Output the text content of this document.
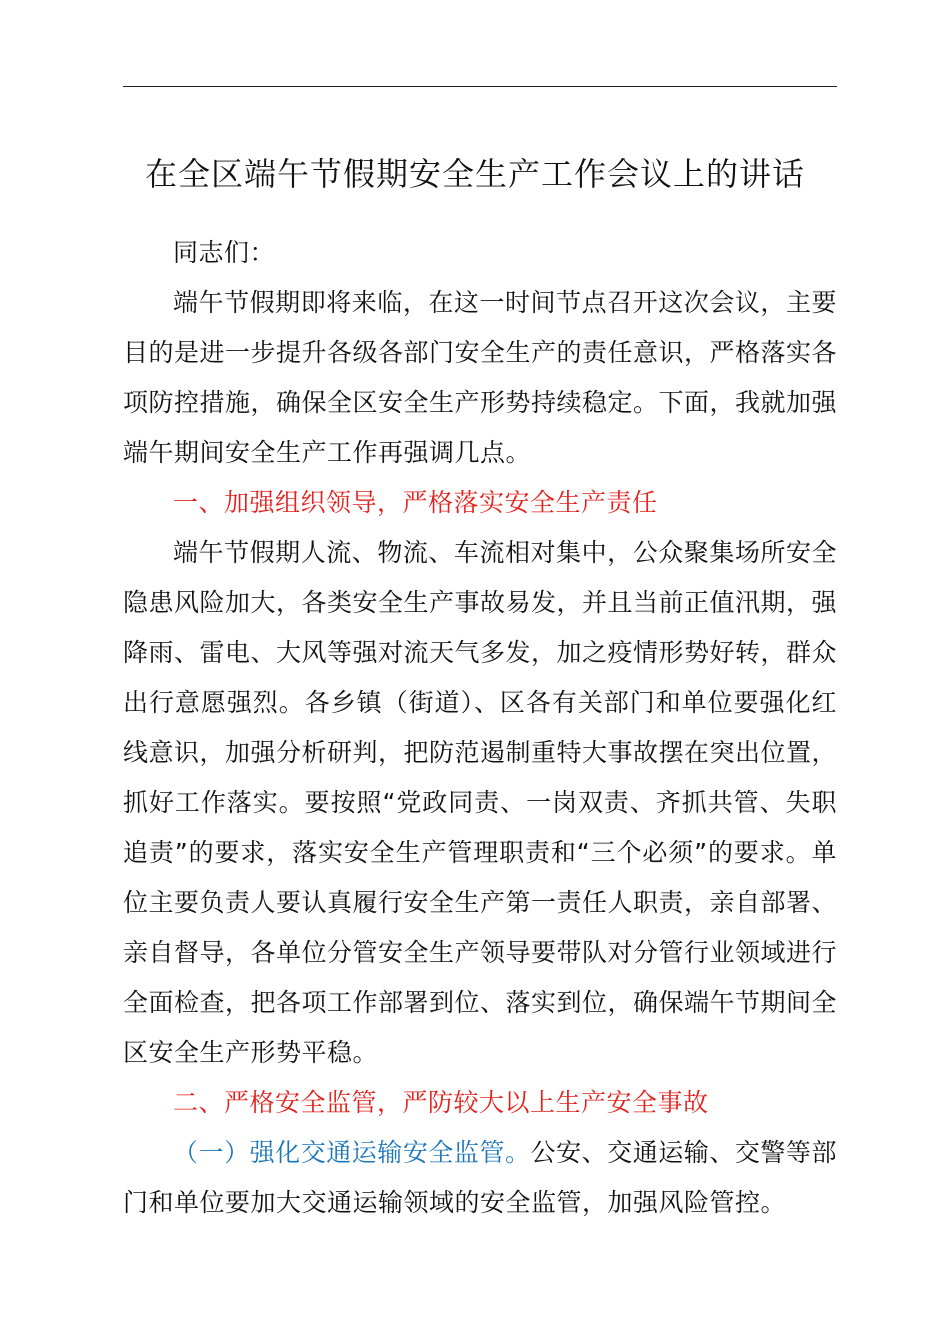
在全区端午节假期安全生产工作会议上的讲话

同志们：

端午节假期即将来临，在这一时间节点召开这次会议，主要目的是进一步提升各级各部门安全生产的责任意识，严格落实各项防控措施，确保全区安全生产形势持续稳定。下面，我就加强端午期间安全生产工作再强调几点。

一、加强组织领导，严格落实安全生产责任

端午节假期人流、物流、车流相对集中，公众聚集场所安全隐患风险加大，各类安全生产事故易发，并且当前正值汛期，强降雨、雷电、大风等强对流天气多发，加之疫情形势好转，群众出行意愿强烈。各乡镇（街道）、区各有关部门和单位要强化红线意识，加强分析研判，把防范遏制重特大事故摆在突出位置，抓好工作落实。要按照“党政同责、一岗双责、齐抓共管、失职追责”的要求，落实安全生产管理职责和“三个必须”的要求。单位主要负责人要认真履行安全生产第一责任人职责，亲自部署、亲自督导，各单位分管安全生产领导要带队对分管行业领域进行全面检查，把各项工作部署到位、落实到位，确保端午节期间全区安全生产形势平稳。

二、严格安全监管，严防较大以上生产安全事故

（一）强化交通运输安全监管。公安、交通运输、交警等部门和单位要加大交通运输领域的安全监管，加强风险管控。
